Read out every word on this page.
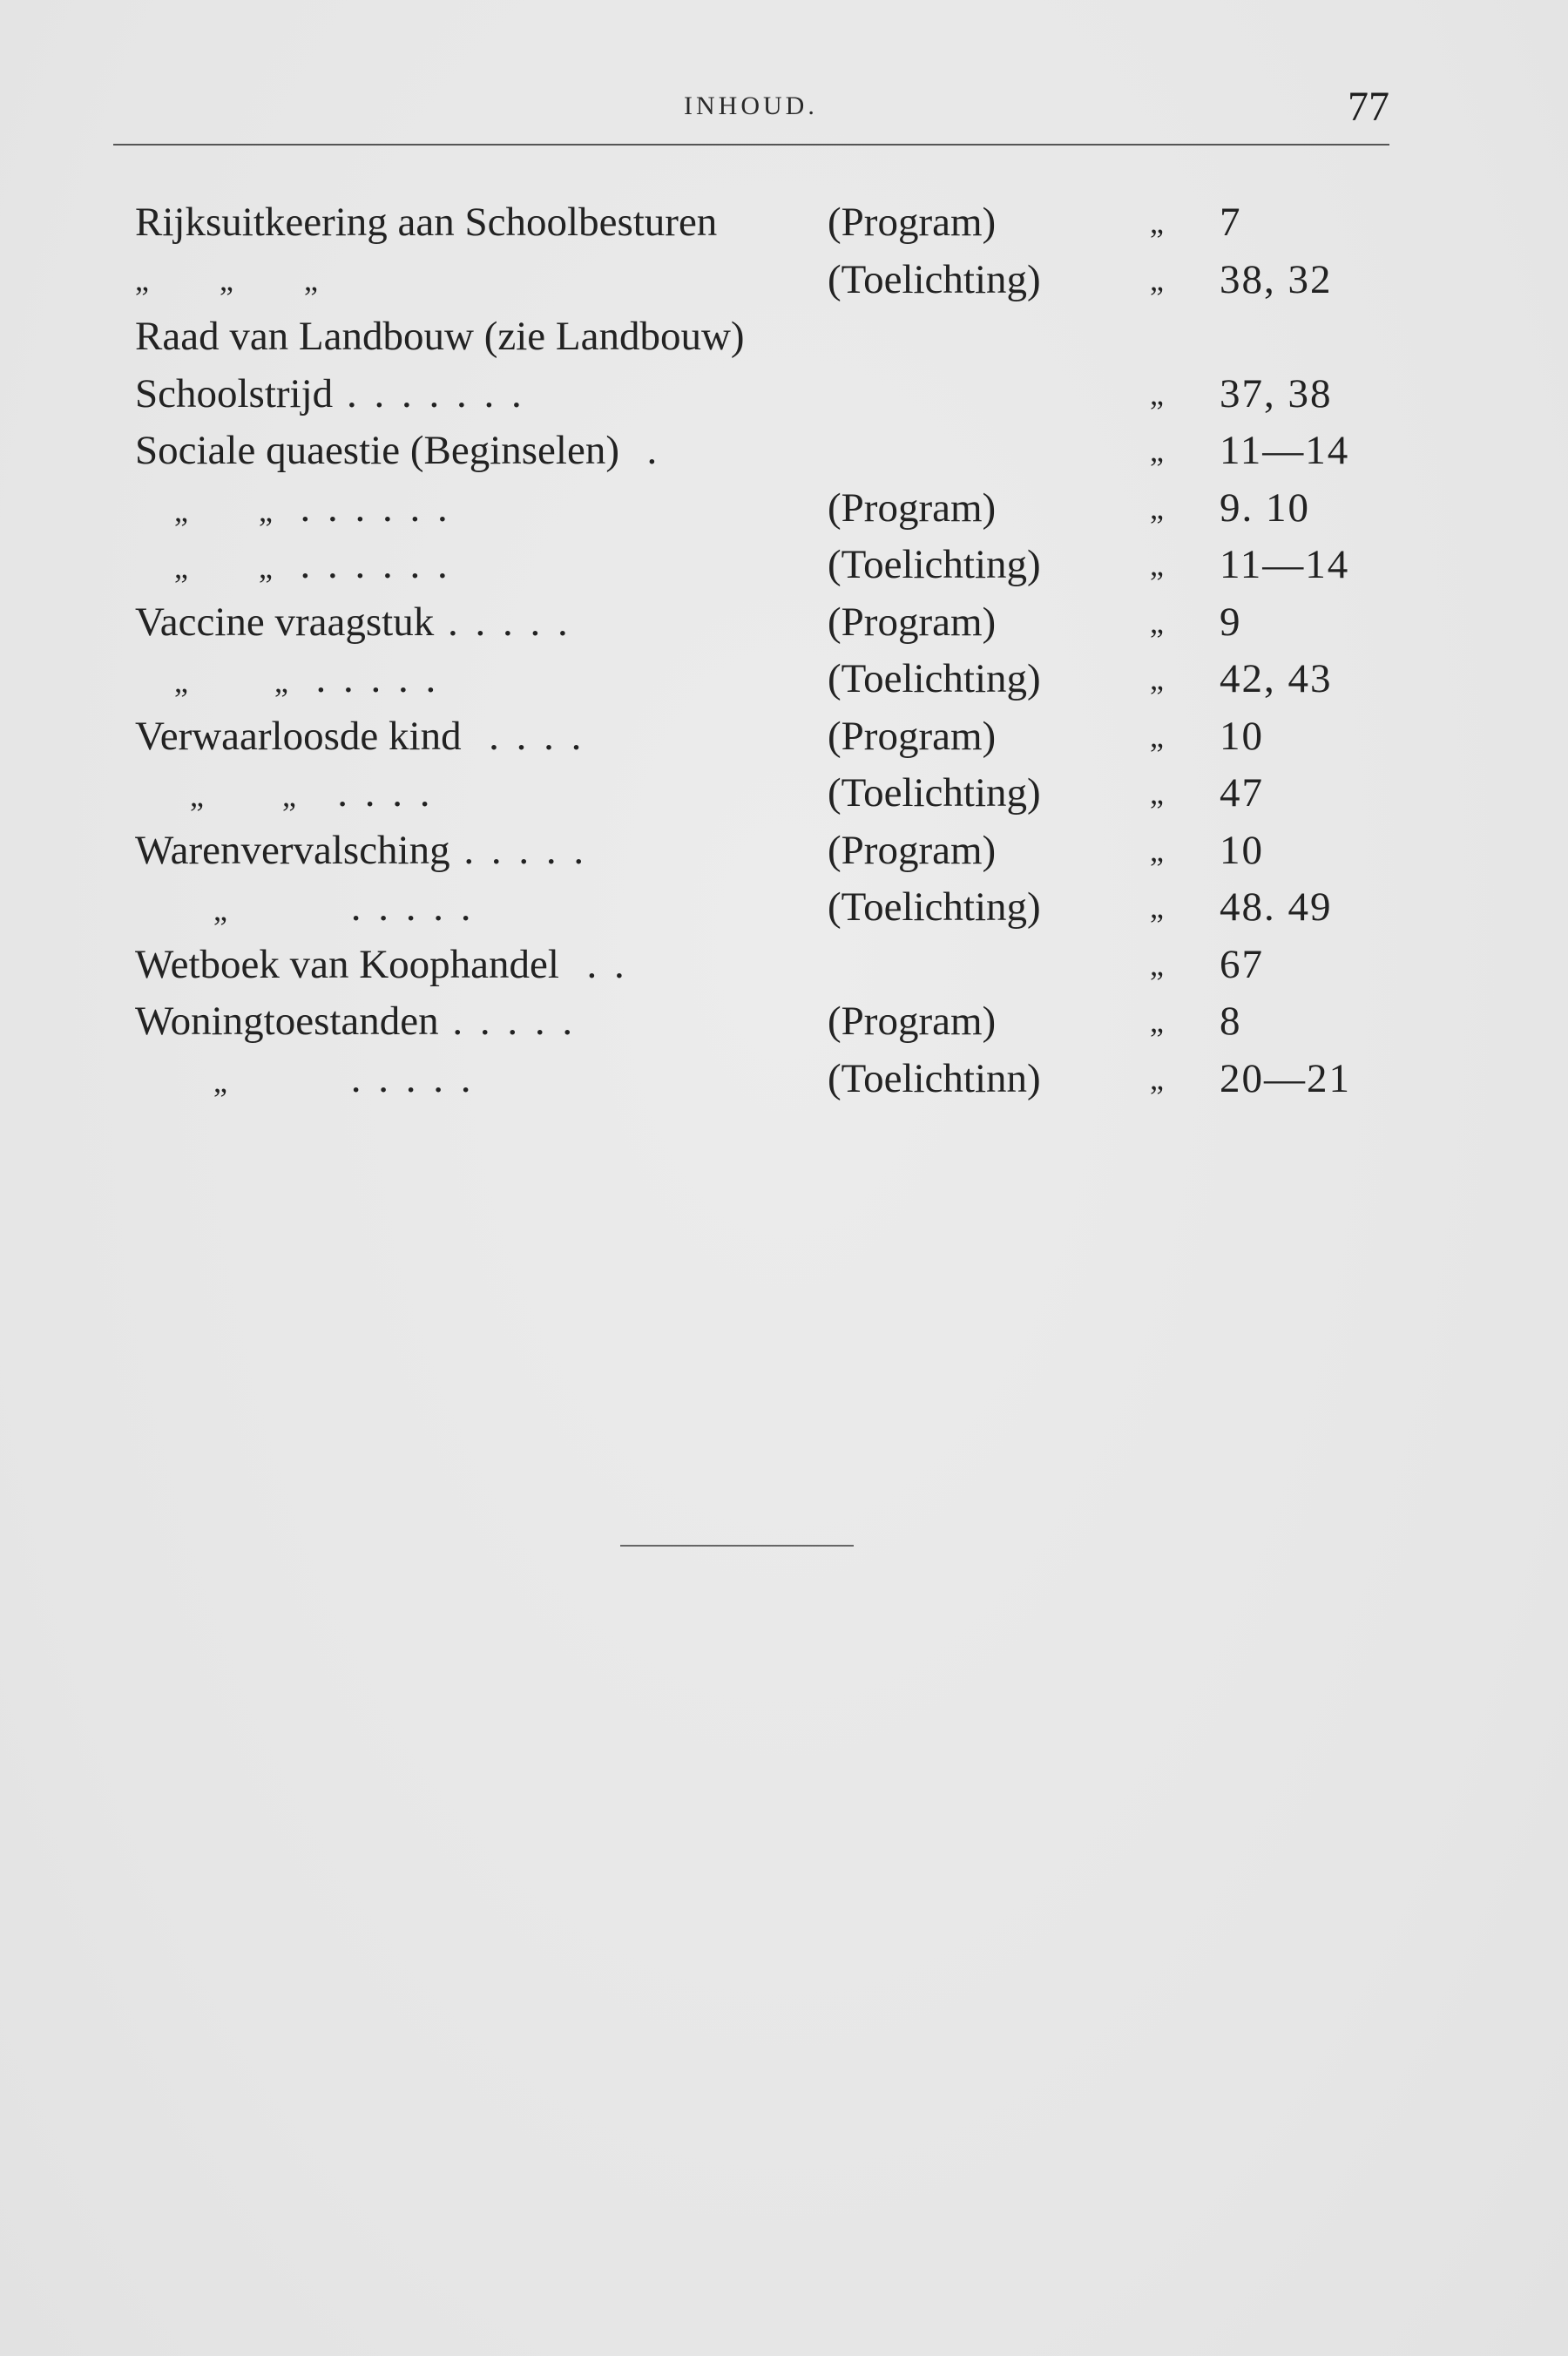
INHOUD.	77
Rijksuitkeering aan Schoolbesturen	(Program)	„ 7
„         „         „	(Toelichting)	„ 38, 32
Raad van Landbouw (zie Landbouw)
Schoolstrijd . . . . . . .	„ 37, 38
Sociale quaestie (Beginselen)  .	„ 11—14
„         „  . . . . . .	(Program)	„ 9. 10
„         „  . . . . . .	(Toelichting)	„ 11—14
Vaccine vraagstuk . . . . .	(Program)	„ 9
„           „  . . . . .	(Toelichting)	„ 42, 43
Verwaarloosde kind  . . . .	(Program)	„ 10
„          „   . . . .	(Toelichting)	„ 47
Warenvervalsching . . . . .	(Program)	„ 10
„         . . . . .	(Toelichting)	„ 48. 49
Wetboek van Koophandel  . .	„ 67
Woningtoestanden . . . . .	(Program)	„ 8
„         . . . . .	(Toelichtinn)	„ 20—21
